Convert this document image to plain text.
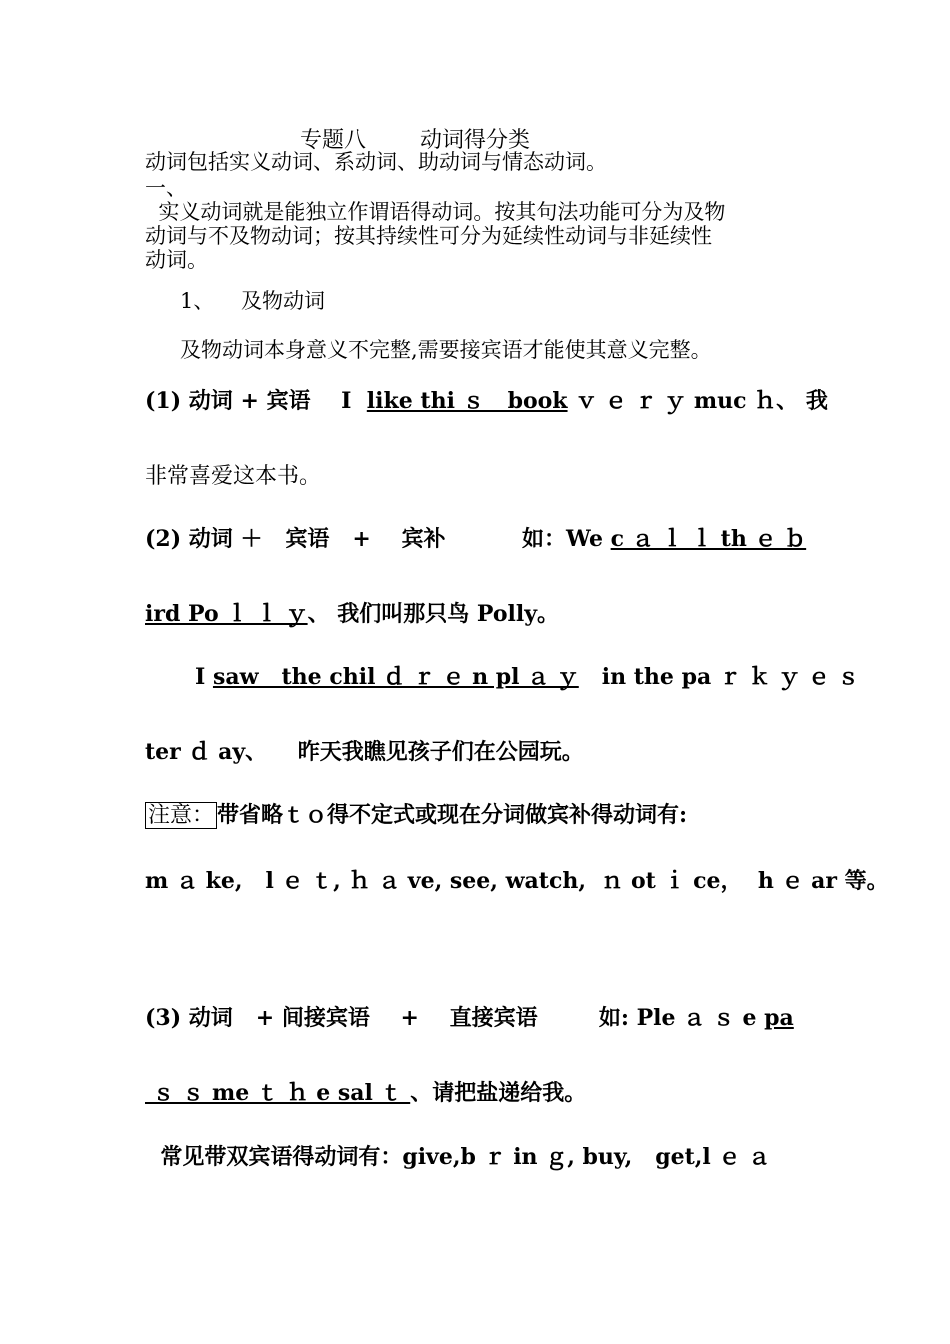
专题八 动词得分类
动词包括实义动词、系动词、助动词与情态动词。
一、
实义动词就是能独立作谓语得动词。按其句法功能可分为及物
动词与不及物动词；按其持续性可分为延续性动词与非延续性
动词。
1、    及物动词
及物动词本身意义不完整,需要接宾语才能使其意义完整。
(1) 动词 + 宾语    I  like thi ｓ   book ｖ ｅ ｒ ｙ muc ｈ、 我
非常喜爱这本书。
(2) 动词 ＋   宾语   +    宾补          如：We c ａ ｌ ｌ th ｅ ｂ
ird Po ｌ ｌ ｙ、 我们叫那只鸟 Polly。
I saw   the chil ｄ ｒ ｅ n pl ａ ｙ   in the pa ｒ ｋ ｙ ｅ ｓ
ter ｄ ay、    昨天我瞧见孩子们在公园玩。
注意： 带省略ｔｏ得不定式或现在分词做宾补得动词有:
m ａ ke,   l ｅ ｔ, ｈ ａ ve, see, watch,  ｎ ot ｉ ce，  h ｅ ar 等。
(3) 动词   + 间接宾语    +    直接宾语        如: Ple ａ ｓ e pa
ｓ ｓ me ｔ ｈ e sal ｔ 、请把盐递给我。
常见带双宾语得动词有：give,b ｒ in ｇ, buy,   get,l ｅ ａ
